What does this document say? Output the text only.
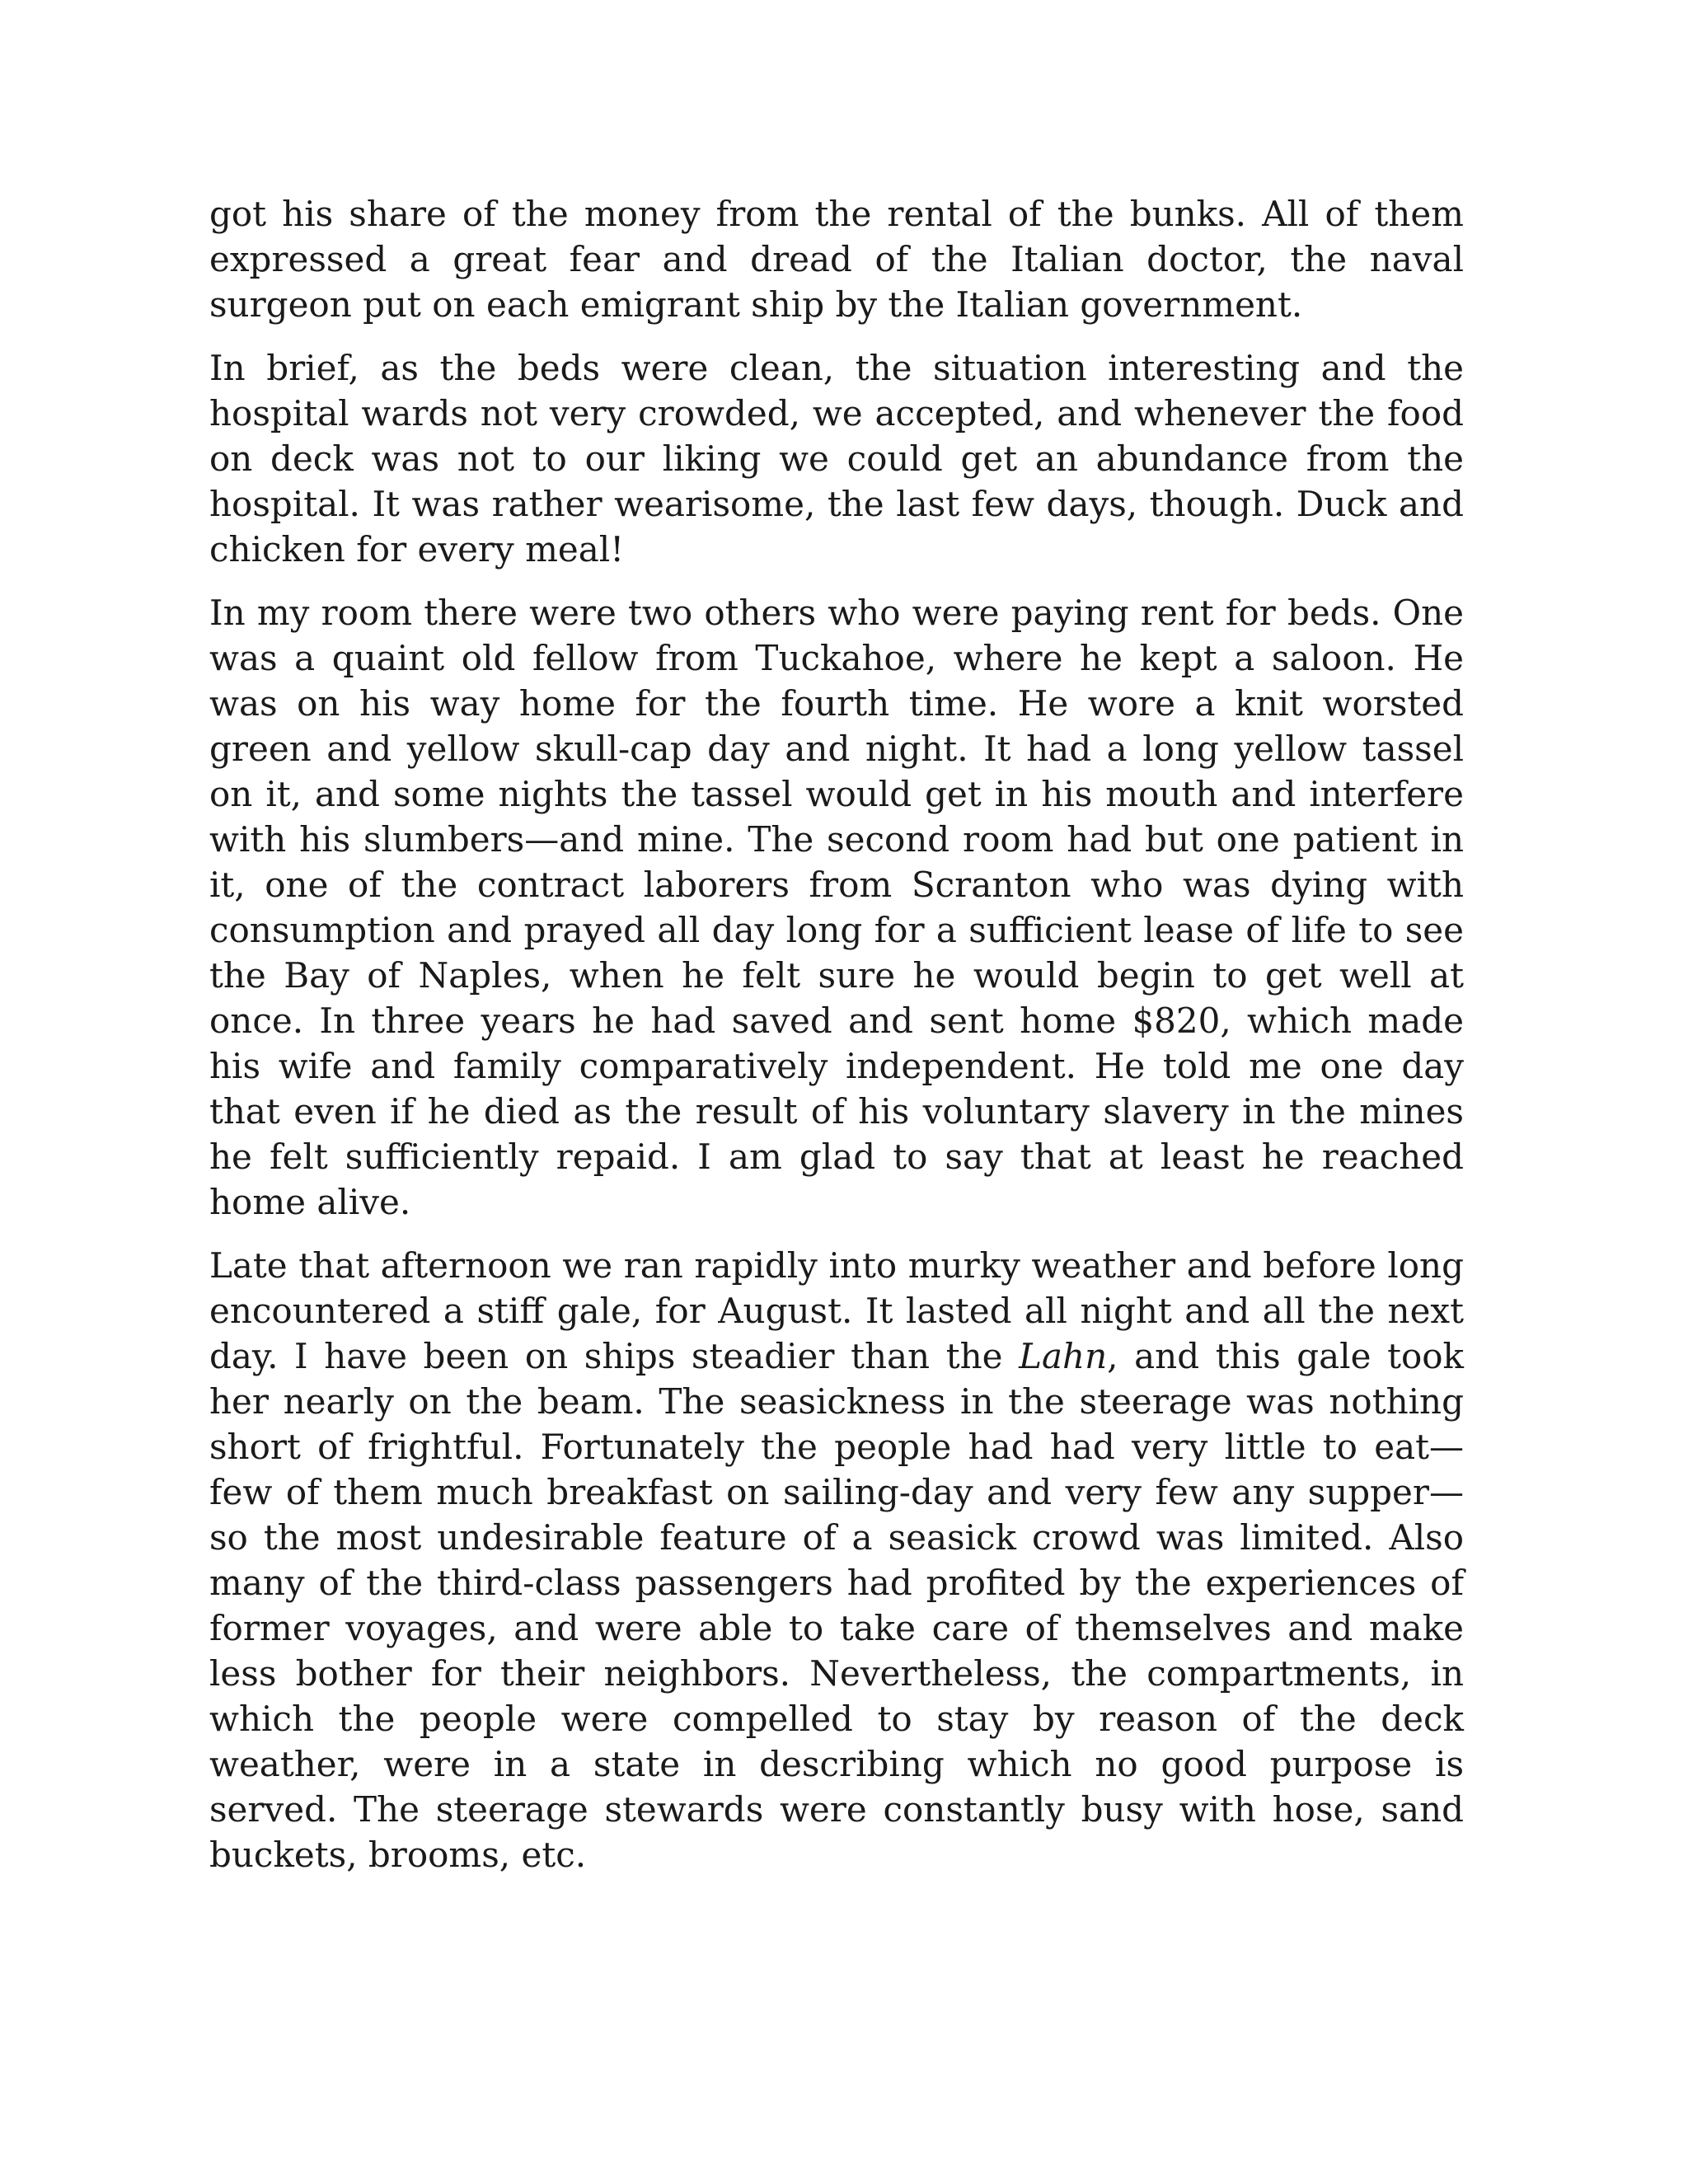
got his share of the money from the rental of the bunks. All of them expressed a great fear and dread of the Italian doctor, the naval surgeon put on each emigrant ship by the Italian government.

In brief, as the beds were clean, the situation interesting and the hospital wards not very crowded, we accepted, and whenever the food on deck was not to our liking we could get an abundance from the hospital. It was rather wearisome, the last few days, though. Duck and chicken for every meal!

In my room there were two others who were paying rent for beds. One was a quaint old fellow from Tuckahoe, where he kept a saloon. He was on his way home for the fourth time. He wore a knit worsted green and yellow skull-cap day and night. It had a long yellow tassel on it, and some nights the tassel would get in his mouth and interfere with his slumbers—and mine. The second room had but one patient in it, one of the contract laborers from Scranton who was dying with consumption and prayed all day long for a sufficient lease of life to see the Bay of Naples, when he felt sure he would begin to get well at once. In three years he had saved and sent home $820, which made his wife and family comparatively independent. He told me one day that even if he died as the result of his voluntary slavery in the mines he felt sufficiently repaid. I am glad to say that at least he reached home alive.

Late that afternoon we ran rapidly into murky weather and before long encountered a stiff gale, for August. It lasted all night and all the next day. I have been on ships steadier than the Lahn, and this gale took her nearly on the beam. The seasickness in the steerage was nothing short of frightful. Fortunately the people had had very little to eat—few of them much breakfast on sailing-day and very few any supper—so the most undesirable feature of a seasick crowd was limited. Also many of the third-class passengers had profited by the experiences of former voyages, and were able to take care of themselves and make less bother for their neighbors. Nevertheless, the compartments, in which the people were compelled to stay by reason of the deck weather, were in a state in describing which no good purpose is served. The steerage stewards were constantly busy with hose, sand buckets, brooms, etc.
